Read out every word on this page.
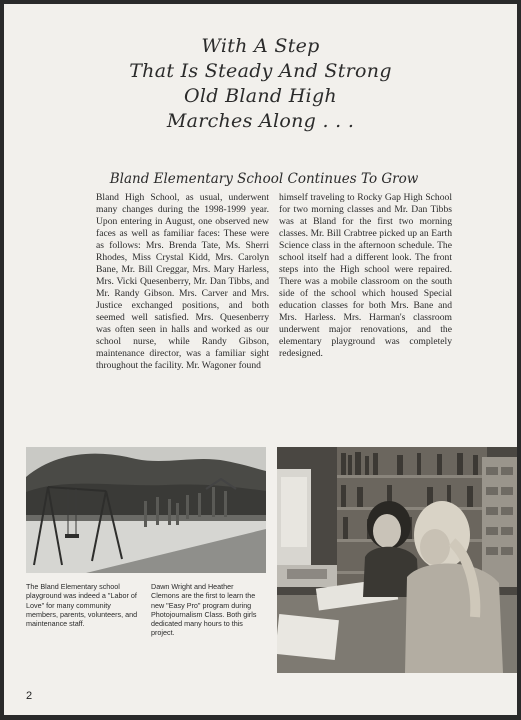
With A Step
That Is Steady And Strong
Old Bland High
Marches Along . . .
Bland Elementary School Continues To Grow
Bland High School, as usual, underwent many changes during the 1998-1999 year. Upon entering in August, one observed new faces as well as familiar faces: These were as follows: Mrs. Brenda Tate, Ms. Sherri Rhodes, Miss Crystal Kidd, Mrs. Carolyn Bane, Mr. Bill Creggar, Mrs. Mary Harless, Mrs. Vicki Quesenberry, Mr. Dan Tibbs, and Mr. Randy Gibson. Mrs. Carver and Mrs. Justice exchanged positions, and both seemed well satisfied. Mrs. Quesenberry was often seen in halls and worked as our school nurse, while Randy Gibson, maintenance director, was a familiar sight throughout the facility. Mr. Wagoner found
himself traveling to Rocky Gap High School for two morning classes and Mr. Dan Tibbs was at Bland for the first two morning classes. Mr. Bill Crabtree picked up an Earth Science class in the afternoon schedule. The school itself had a different look. The front steps into the High school were repaired. There was a mobile classroom on the south side of the school which housed Special education classes for both Mrs. Bane and Mrs. Harless. Mrs. Harman's classroom underwent major renovations, and the elementary playground was completely redesigned.
The Bland Elementary school playground was indeed a "Labor of Love" for many community members, parents, volunteers, and maintenance staff.
Dawn Wright and Heather Clemons are the first to learn the new "Easy Pro" program during Photojournalism Class. Both girls dedicated many hours to this project.
2
